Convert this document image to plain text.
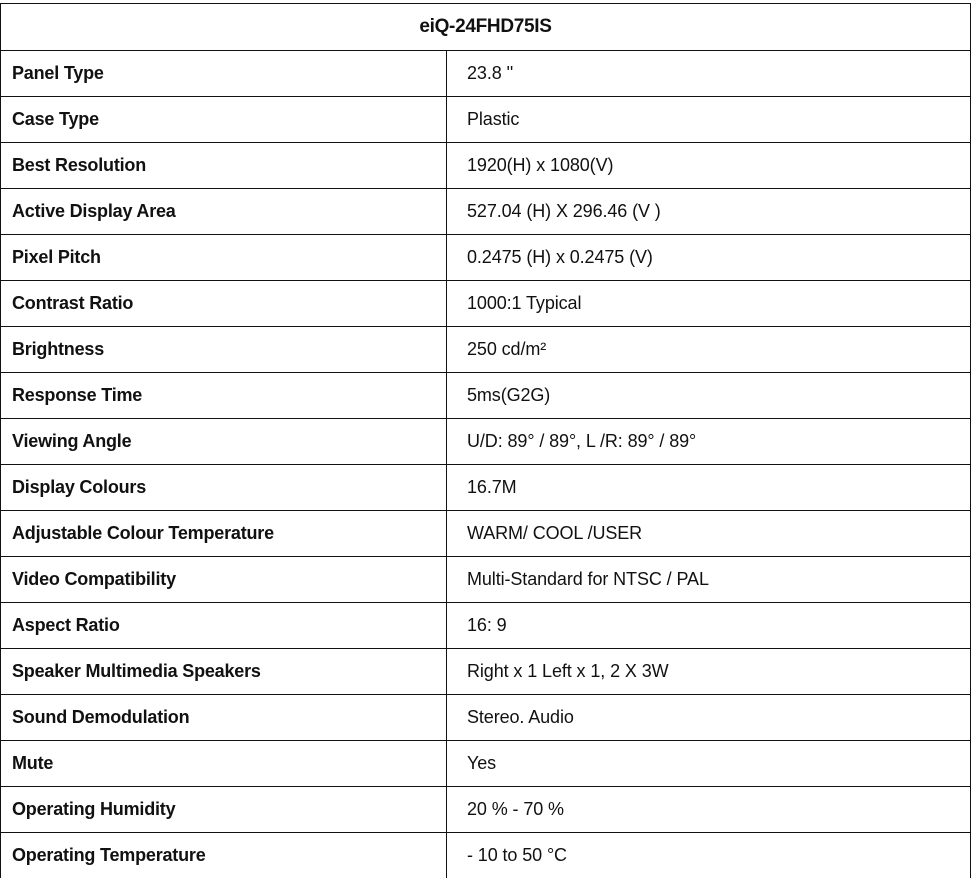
eiQ-24FHD75IS	
Panel Type	23.8 ''
Case Type	Plastic
Best Resolution	1920(H) x 1080(V)
Active Display Area	527.04 (H) X 296.46 (V )
Pixel Pitch	0.2475 (H) x 0.2475 (V)
Contrast Ratio	1000:1 Typical
Brightness	250 cd/m²
Response Time	5ms(G2G)
Viewing Angle	U/D: 89° / 89°, L /R: 89° / 89°
Display Colours	16.7M
Adjustable Colour Temperature	WARM/ COOL /USER
Video Compatibility	Multi-Standard for NTSC / PAL
Aspect Ratio	16: 9
Speaker Multimedia Speakers	Right x 1 Left x 1, 2 X 3W
Sound Demodulation	Stereo. Audio
Mute	Yes
Operating Humidity	20 % - 70 %
Operating Temperature	- 10 to 50 °C
